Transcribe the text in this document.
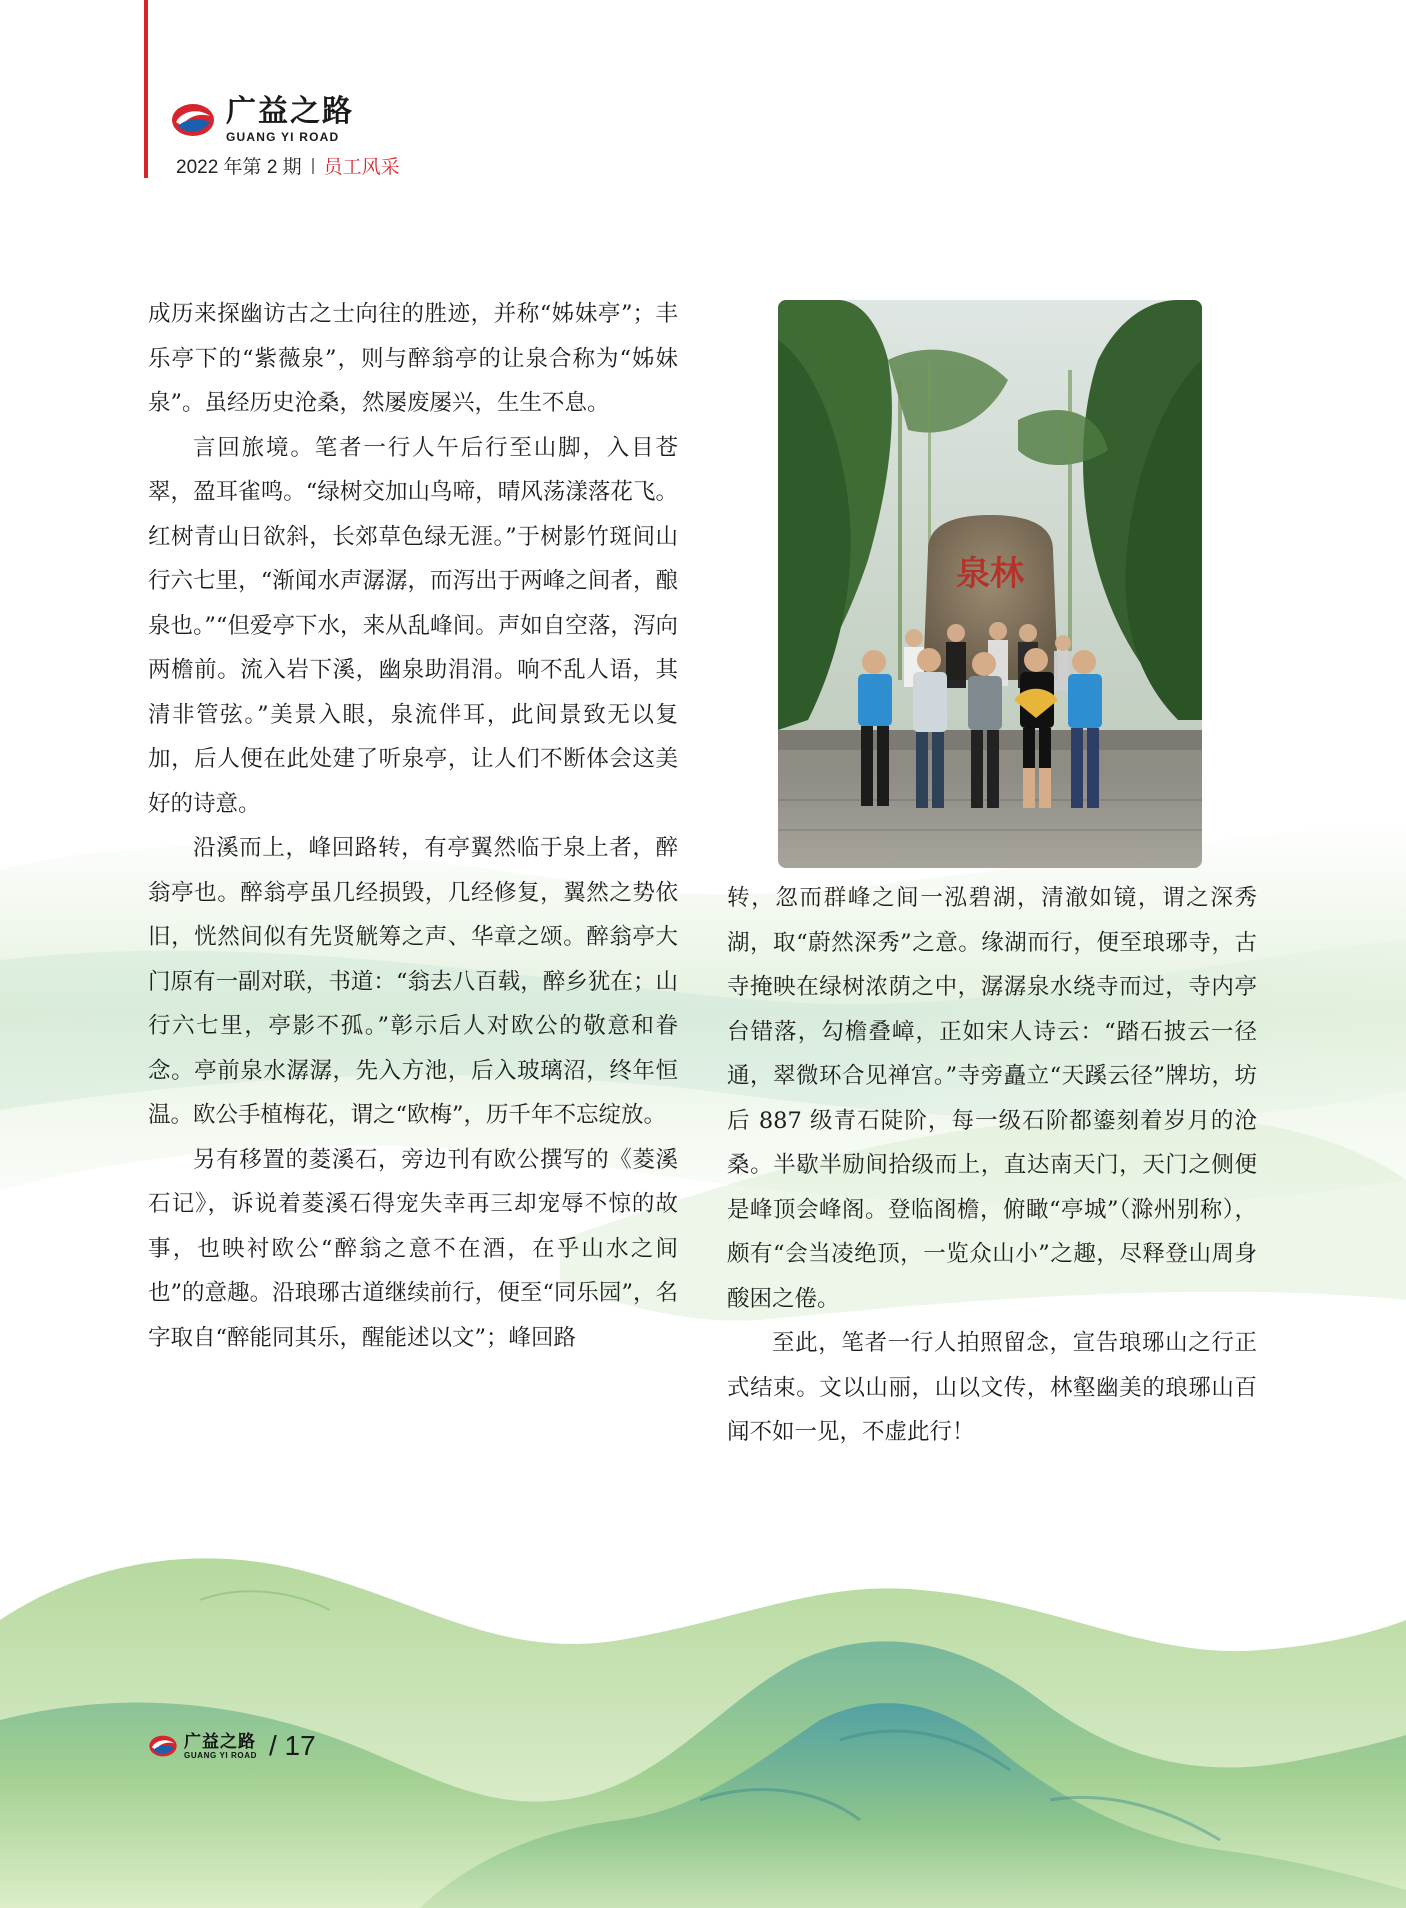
广益之路
GUANG YI ROAD
2022 年第 2 期 员工风采

成历来探幽访古之士向往的胜迹，并称“姊妹亭”；丰乐亭下的“紫薇泉”，则与醉翁亭的让泉合称为“姊妹泉”。虽经历史沧桑，然屡废屡兴，生生不息。

言回旅境。笔者一行人午后行至山脚，入目苍翠，盈耳雀鸣。“绿树交加山鸟啼，晴风荡漾落花飞。红树青山日欲斜，长郊草色绿无涯。”于树影竹斑间山行六七里，“渐闻水声潺潺，而泻出于两峰之间者，酿泉也。”“但爱亭下水，来从乱峰间。声如自空落，泻向两檐前。流入岩下溪，幽泉助涓涓。响不乱人语，其清非管弦。”美景入眼，泉流伴耳，此间景致无以复加，后人便在此处建了听泉亭，让人们不断体会这美好的诗意。

沿溪而上，峰回路转，有亭翼然临于泉上者，醉翁亭也。醉翁亭虽几经损毁，几经修复，翼然之势依旧，恍然间似有先贤觥筹之声、华章之颂。醉翁亭大门原有一副对联，书道：“翁去八百载，醉乡犹在；山行六七里，亭影不孤。”彰示后人对欧公的敬意和眷念。亭前泉水潺潺，先入方池，后入玻璃沼，终年恒温。欧公手植梅花，谓之“欧梅”，历千年不忘绽放。

另有移置的菱溪石，旁边刊有欧公撰写的《菱溪石记》，诉说着菱溪石得宠失幸再三却宠辱不惊的故事，也映衬欧公“醉翁之意不在酒，在乎山水之间也”的意趣。沿琅琊古道继续前行，便至“同乐园”，名字取自“醉能同其乐，醒能述以文”；峰回路

泉林

转，忽而群峰之间一泓碧湖，清澈如镜，谓之深秀湖，取“蔚然深秀”之意。缘湖而行，便至琅琊寺，古寺掩映在绿树浓荫之中，潺潺泉水绕寺而过，寺内亭台错落，勾檐叠嶂，正如宋人诗云：“踏石披云一径通，翠微环合见禅宫。”寺旁矗立“天蹊云径”牌坊，坊后 887 级青石陡阶，每一级石阶都鎏刻着岁月的沧桑。半歇半励间拾级而上，直达南天门，天门之侧便是峰顶会峰阁。登临阁檐，俯瞰“亭城”（滁州别称），颇有“会当凌绝顶，一览众山小”之趣，尽释登山周身酸困之倦。

至此，笔者一行人拍照留念，宣告琅琊山之行正式结束。文以山丽，山以文传，林壑幽美的琅琊山百闻不如一见，不虚此行！

广益之路
GUANG YI ROAD / 17
